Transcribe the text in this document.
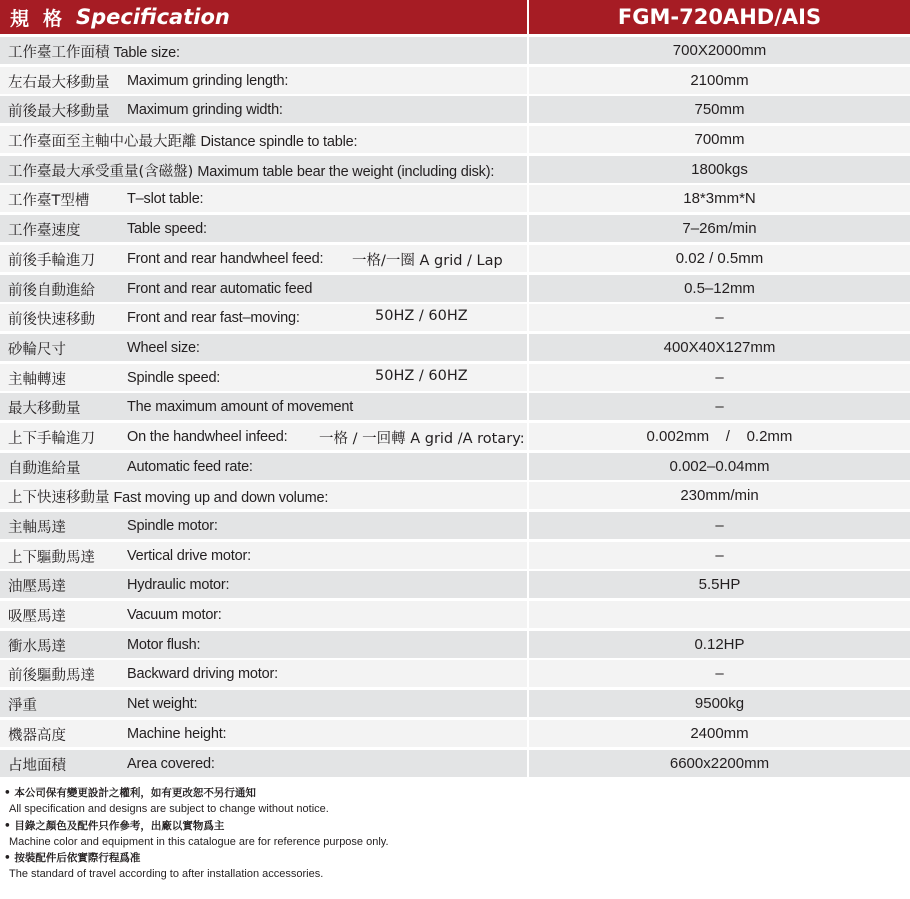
規格 Specification	FGM-720AHD/AIS
工作臺工作面積 Table size:	700X2000mm
左右最大移動量 Maximum grinding length:	2100mm
前後最大移動量 Maximum grinding width:	750mm
工作臺面至主軸中心最大距離 Distance spindle to table:	700mm
工作臺最大承受重量(含磁盤) Maximum table bear the weight (including disk):	1800kgs
工作臺T型槽	T–slot table:	18*3mm*N
工作臺速度	Table speed:	7–26m/min
前後手輪進刀 Front and rear handwheel feed: 一格/一圈 A grid / Lap	0.02 / 0.5mm
前後自動進給 Front and rear automatic feed	0.5–12mm
前後快速移動 Front and rear fast–moving:	50HZ / 60HZ	–
砂輪尺寸	Wheel size:	400X40X127mm
主軸轉速	Spindle speed:	50HZ / 60HZ	–
最大移動量	The maximum amount of movement	–
上下手輪進刀 On the handwheel infeed: 一格 / 一回轉 A grid /A rotary:	0.002mm    /    0.2mm
自動進給量	Automatic feed rate:	0.002–0.04mm
上下快速移動量 Fast moving up and down volume:	230mm/min
主軸馬達	Spindle motor:	–
上下驅動馬達 Vertical drive motor:	–
油壓馬達	Hydraulic motor:	5.5HP
吸壓馬達	Vacuum motor:
衝水馬達	Motor flush:	0.12HP
前後驅動馬達 Backward driving motor:	–
淨重	Net weight:	9500kg
機器高度	Machine height:	2400mm
占地面積	Area covered:	6600x2200mm
• 本公司保有變更設計之權利，如有更改恕不另行通知
All specification and designs are subject to change without notice.
• 目錄之顏色及配件只作參考，出廠以實物爲主
Machine color and equipment in this catalogue are for reference purpose only.
• 按裝配件后依實際行程爲准
The standard of travel according to after installation accessories.
